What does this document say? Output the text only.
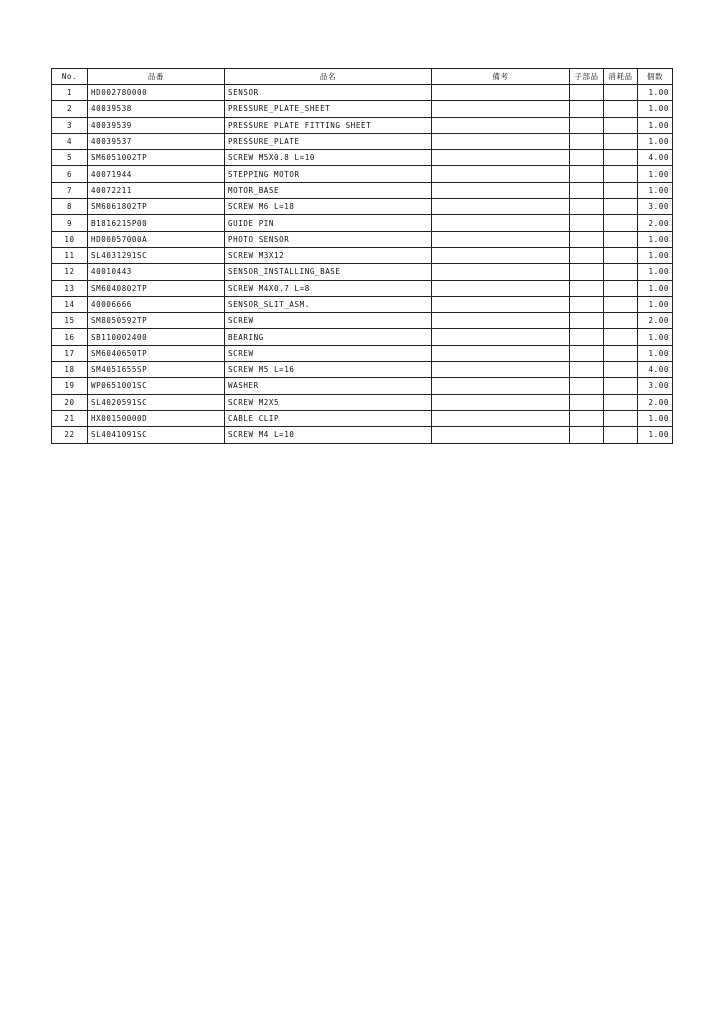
No.	品番	品名	備考	子部品	消耗品	個数
1	HD002780000	SENSOR				1.00
2	40039538	PRESSURE_PLATE_SHEET				1.00
3	40039539	PRESSURE PLATE FITTING SHEET				1.00
4	40039537	PRESSURE_PLATE				1.00
5	SM6051002TP	SCREW M5X0.8 L=10				4.00
6	40071944	STEPPING MOTOR				1.00
7	40072211	MOTOR_BASE				1.00
8	SM6061802TP	SCREW M6 L=18				3.00
9	B1816215P00	GUIDE PIN				2.00
10	HD00057000A	PHOTO SENSOR				1.00
11	SL4031291SC	SCREW M3X12				1.00
12	40010443	SENSOR_INSTALLING_BASE				1.00
13	SM6040802TP	SCREW M4X0.7 L=8				1.00
14	40006666	SENSOR_SLIT_ASM.				1.00
15	SM8050592TP	SCREW				2.00
16	SB110002400	BEARING				1.00
17	SM6040650TP	SCREW				1.00
18	SM4051655SP	SCREW M5 L=16				4.00
19	WP0651001SC	WASHER				3.00
20	SL4020591SC	SCREW M2X5				2.00
21	HX00150000D	CABLE CLIP				1.00
22	SL4041091SC	SCREW M4 L=10				1.00
